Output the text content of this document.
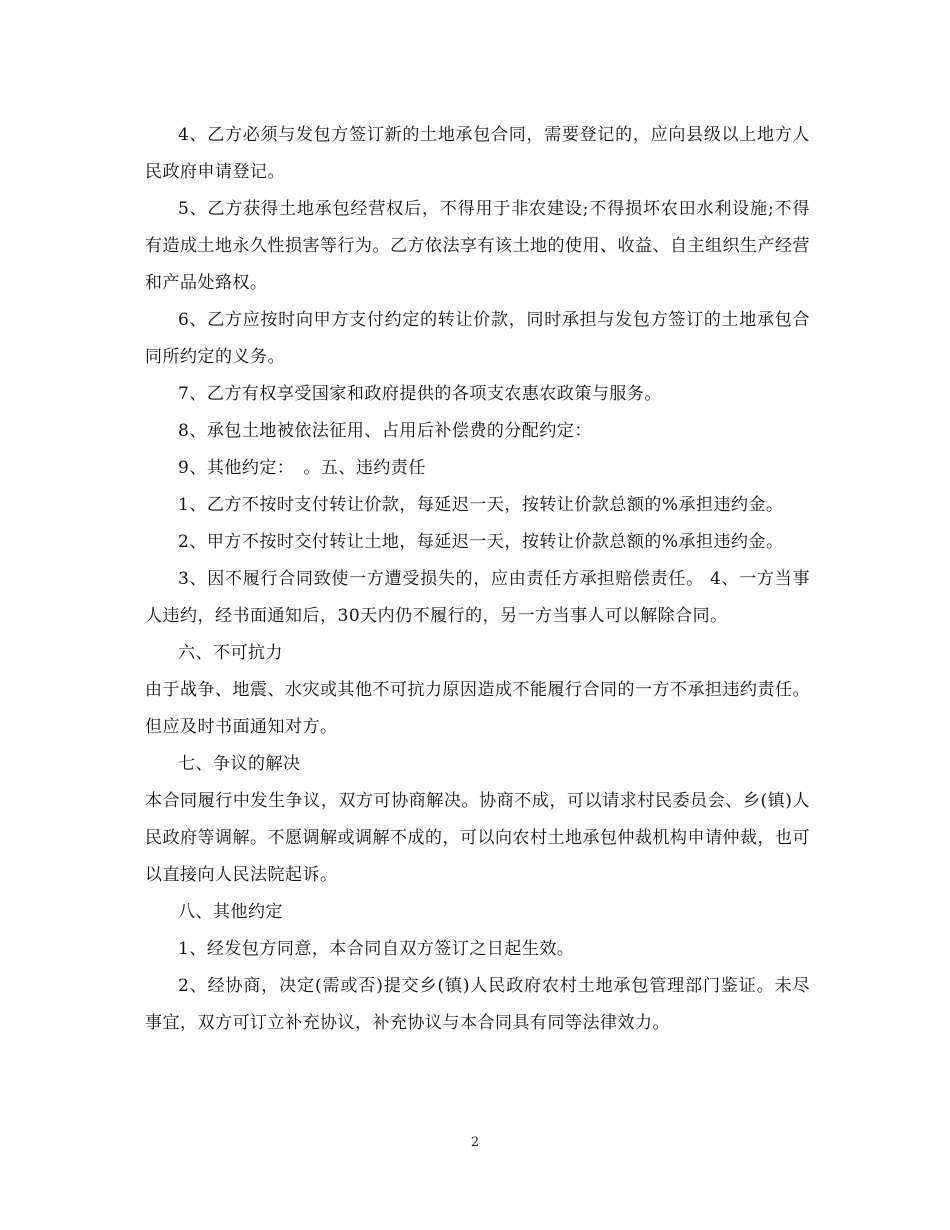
4、乙方必须与发包方签订新的土地承包合同，需要登记的，应向县级以上地方人民政府申请登记。

5、乙方获得土地承包经营权后，不得用于非农建设;不得损坏农田水利设施;不得有造成土地永久性损害等行为。乙方依法享有该土地的使用、收益、自主组织生产经营和产品处臵权。

6、乙方应按时向甲方支付约定的转让价款，同时承担与发包方签订的土地承包合同所约定的义务。

7、乙方有权享受国家和政府提供的各项支农惠农政策与服务。

8、承包土地被依法征用、占用后补偿费的分配约定：

9、其他约定：　。五、违约责任

1、乙方不按时支付转让价款，每延迟一天，按转让价款总额的%承担违约金。

2、甲方不按时交付转让土地，每延迟一天，按转让价款总额的%承担违约金。

3、因不履行合同致使一方遭受损失的，应由责任方承担赔偿责任。 4、一方当事人违约，经书面通知后，30天内仍不履行的，另一方当事人可以解除合同。

六、不可抗力

由于战争、地震、水灾或其他不可抗力原因造成不能履行合同的一方不承担违约责任。但应及时书面通知对方。

七、争议的解决

本合同履行中发生争议，双方可协商解决。协商不成，可以请求村民委员会、乡(镇)人民政府等调解。不愿调解或调解不成的，可以向农村土地承包仲裁机构申请仲裁，也可以直接向人民法院起诉。

八、其他约定

1、经发包方同意，本合同自双方签订之日起生效。

2、经协商，决定(需或否)提交乡(镇)人民政府农村土地承包管理部门鉴证。未尽事宜，双方可订立补充协议，补充协议与本合同具有同等法律效力。

2
